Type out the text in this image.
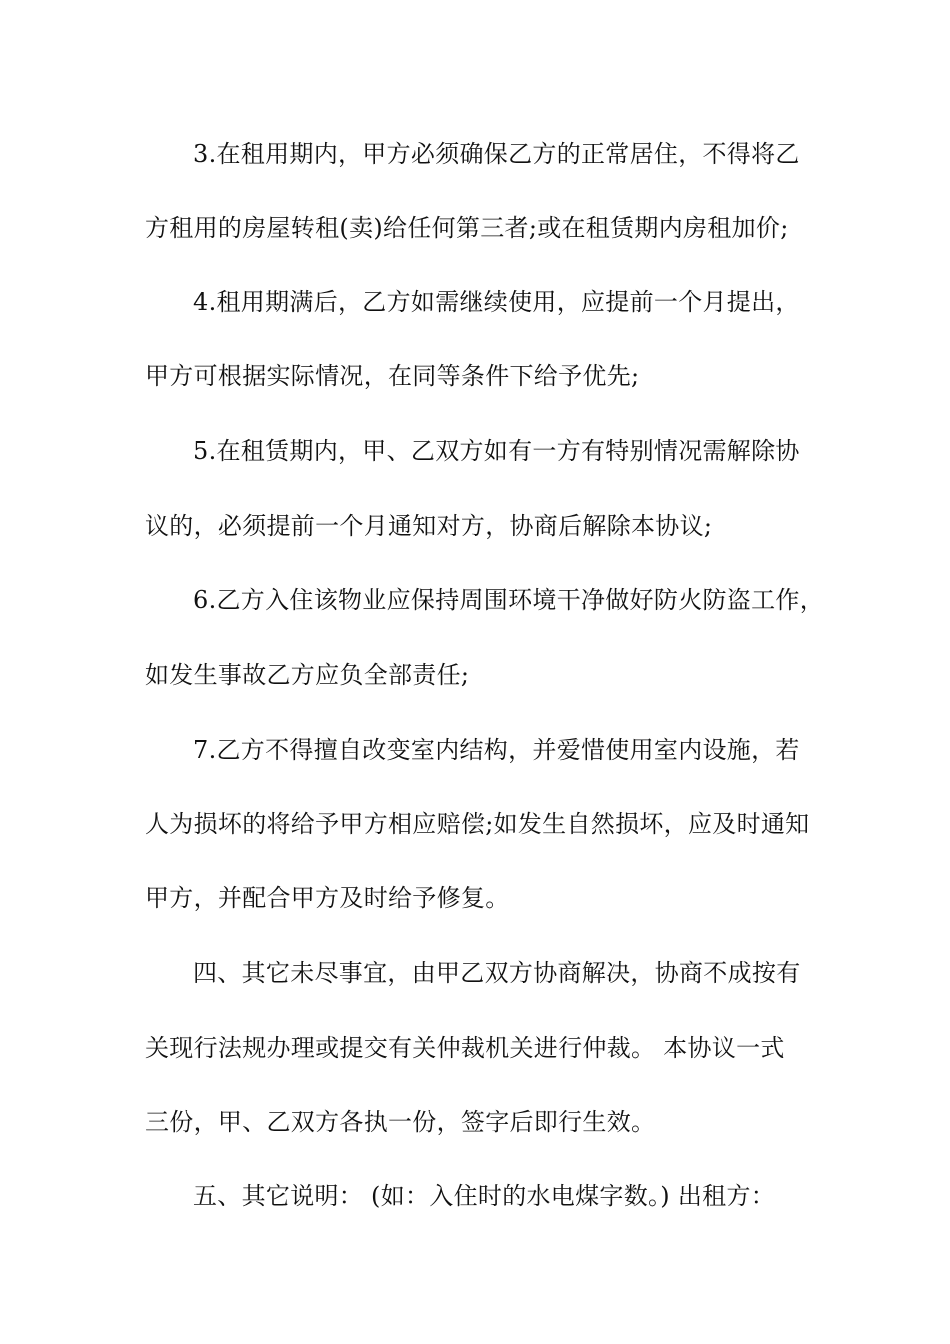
3.在租用期内，甲方必须确保乙方的正常居住，不得将乙
方租用的房屋转租(卖)给任何第三者;或在租赁期内房租加价;
4.租用期满后，乙方如需继续使用，应提前一个月提出，
甲方可根据实际情况，在同等条件下给予优先;
5.在租赁期内，甲、乙双方如有一方有特别情况需解除协
议的，必须提前一个月通知对方，协商后解除本协议;
6.乙方入住该物业应保持周围环境干净做好防火防盗工作，
如发生事故乙方应负全部责任;
7.乙方不得擅自改变室内结构，并爱惜使用室内设施，若
人为损坏的将给予甲方相应赔偿;如发生自然损坏，应及时通知
甲方，并配合甲方及时给予修复。
四、其它未尽事宜，由甲乙双方协商解决，协商不成按有
关现行法规办理或提交有关仲裁机关进行仲裁。 本协议一式
三份，甲、乙双方各执一份，签字后即行生效。
五、其它说明： (如：入住时的水电煤字数。) 出租方：
